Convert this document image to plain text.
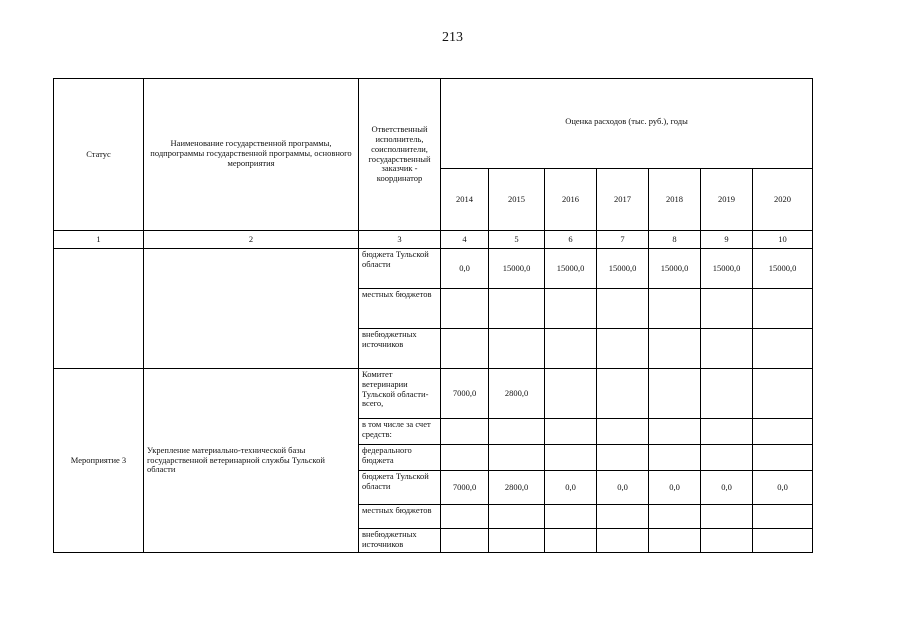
213
Статус	Наименование государственной программы, подпрограммы государственной программы, основного мероприятия	Ответственный исполнитель, соисполнители, государственный заказчик - координатор	Оценка расходов (тыс. руб.), годы						
			2014	2015	2016	2017	2018	2019	2020
1	2	3	4	5	6	7	8	9	10
		бюджета Тульской области	0,0	15000,0	15000,0	15000,0	15000,0	15000,0	15000,0
		местных бюджетов							
		внебюджетных источников							
Мероприятие 3	Укрепление материально-технической базы государственной ветеринарной службы Тульской области	Комитет ветеринарии Тульской области- всего,	7000,0	2800,0					
		в том числе за счет средств:							
		федерального бюджета							
		бюджета Тульской области	7000,0	2800,0	0,0	0,0	0,0	0,0	0,0
		местных бюджетов							
		внебюджетных источников							
